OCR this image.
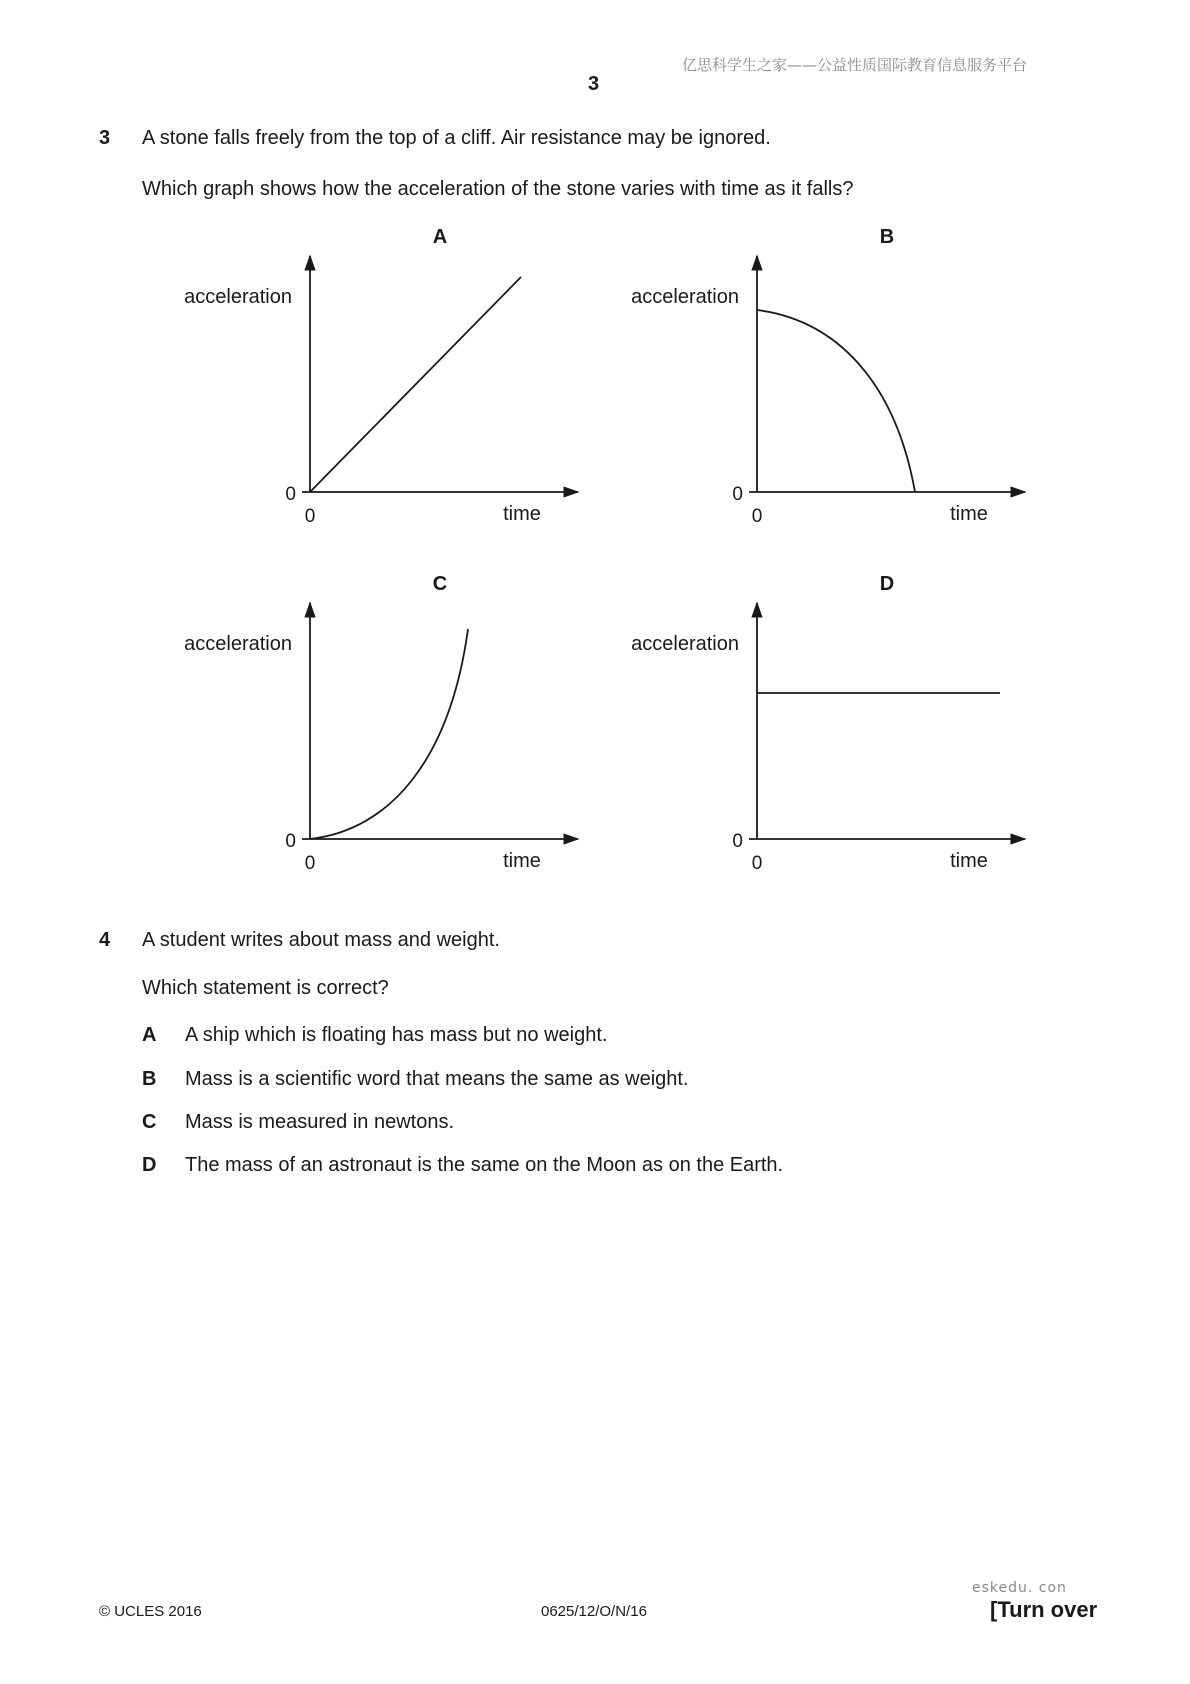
亿思科学生之家——公益性质国际教育信息服务平台
3
3 A stone falls freely from the top of a cliff. Air resistance may be ignored.
Which graph shows how the acceleration of the stone varies with time as it falls?
A
acceleration
0
0	time
B
acceleration
0
0	time
C
acceleration
0
0	time
D
acceleration
0
0	time
4 A student writes about mass and weight.
Which statement is correct?
A A ship which is floating has mass but no weight.
B Mass is a scientific word that means the same as weight.
C Mass is measured in newtons.
D The mass of an astronaut is the same on the Moon as on the Earth.
eskedu. con
© UCLES 2016	0625/12/O/N/16	[Turn over
